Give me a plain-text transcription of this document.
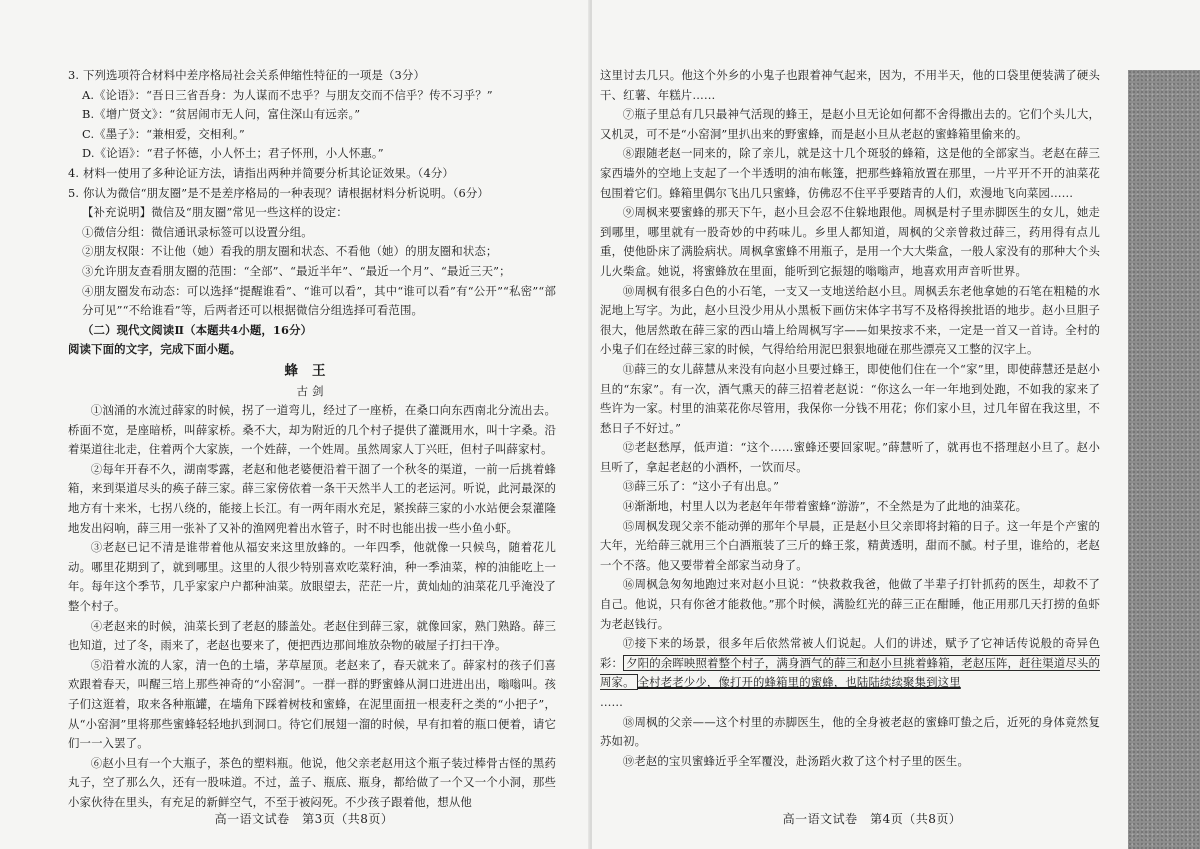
3. 下列选项符合材料中差序格局社会关系伸缩性特征的一项是（3分）

A.《论语》：“吾日三省吾身：为人谋而不忠乎？与朋友交而不信乎？传不习乎？”

B.《增广贤文》：“贫居闹市无人问，富住深山有远亲。”

C.《墨子》：“兼相爱，交相利。”

D.《论语》：“君子怀德，小人怀土；君子怀刑，小人怀惠。”

4. 材料一使用了多种论证方法，请指出两种并简要分析其论证效果。（4分）

5. 你认为微信“朋友圈”是不是差序格局的一种表现？请根据材料分析说明。（6分）

【补充说明】微信及“朋友圈”常见一些这样的设定：

①微信分组：微信通讯录标签可以设置分组。

②朋友权限：不让他（她）看我的朋友圈和状态、不看他（她）的朋友圈和状态；

③允许朋友查看朋友圈的范围：“全部”、“最近半年”、“最近一个月”、“最近三天”；

④朋友圈发布动态：可以选择“提醒谁看”、“谁可以看”，其中“谁可以看”有“公开”“私密”“部分可见”“不给谁看”等，后两者还可以根据微信分组选择可看范围。

（二）现代文阅读Ⅱ（本题共4小题，16分）

阅读下面的文字，完成下面小题。

蜂王

古剑

①汹涌的水流过薛家的时候，拐了一道弯儿，经过了一座桥，在桑口向东西南北分流出去。桥面不宽，是座暗桥，叫薛家桥。桑不大，却为附近的几个村子提供了灌溉用水，叫十字桑。沿着渠道往北走，住着两个大家族，一个姓薛，一个姓周。虽然周家人丁兴旺，但村子叫薛家村。

②每年开春不久，湖南零露，老赵和他老婆便沿着干涸了一个秋冬的渠道，一前一后挑着蜂箱，来到渠道尽头的痪子薛三家。薛三家傍依着一条干天然半人工的老运河。听说，此河最深的地方有十来米，七拐八绕的，能接上长江。有一两年雨水充足，紧挨薛三家的小水站便会泵灌隆地发出闷响，薛三用一张补了又补的渔网兜着出水管子，时不时也能出拔一些小鱼小虾。

③老赵已记不清是谁带着他从福安来这里放蜂的。一年四季，他就像一只候鸟，随着花儿动。哪里花期到了，就到哪里。这里的人很少特别喜欢吃菜籽油，种一季油菜，榨的油能吃上一年。每年这个季节，几乎家家户户都种油菜。放眼望去，茫茫一片，黄灿灿的油菜花几乎淹没了整个村子。

④老赵来的时候，油菜长到了老赵的膝盖处。老赵住到薛三家，就像回家，熟门熟路。薛三也知道，过了冬，雨来了，老赵也要来了，便把西边那间堆放杂物的破屋子打扫干净。

⑤沿着水流的人家，清一色的土墙，茅草屋顶。老赵来了，春天就来了。薛家村的孩子们喜欢跟着春天，叫醒三培上那些神奇的“小窑洞”。一群一群的野蜜蜂从洞口进进出出，嗡嗡叫。孩子们这逛着，取来各种瓶罐，在墙角下踩着树枝和蜜蜂，在泥里面扭一根麦秆之类的“小把子”，从“小窑洞”里将那些蜜蜂轻轻地扒到洞口。待它们展翅一溜的时候，早有扣着的瓶口便着，请它们一一入罢了。

⑥赵小旦有一个大瓶子，茶色的塑料瓶。他说，他父亲老赵用这个瓶子装过棒骨古怪的黑药丸子，空了那么久，还有一股味道。不过，盖子、瓶底、瓶身，都给做了一个又一个小洞，那些小家伙待在里头，有充足的新鲜空气，不至于被闷死。不少孩子跟着他，想从他

高一语文试卷　第3页（共8页）

这里讨去几只。他这个外乡的小鬼子也跟着神气起来，因为，不用半天，他的口袋里便装满了硬头干、红薯、年糕片……

⑦瓶子里总有几只最神气活现的蜂王，是赵小旦无论如何都不舍得撒出去的。它们个头儿大，又机灵，可不是“小窑洞”里扒出来的野蜜蜂，而是赵小旦从老赵的蜜蜂箱里偷来的。

⑧跟随老赵一同来的，除了亲儿，就是这十几个斑驳的蜂箱，这是他的全部家当。老赵在薛三家西墙外的空地上支起了一个半透明的油布帐篷，把那些蜂箱放置在那里，一片平开不开的油菜花包围着它们。蜂箱里偶尔飞出几只蜜蜂，仿佛忍不住平乎要踏青的人们，欢漫地飞向菜园……

⑨周枫来要蜜蜂的那天下午，赵小旦会忍不住躲地跟他。周枫是村子里赤脚医生的女儿，她走到哪里，哪里就有一股奇妙的中药味儿。乡里人都知道，周枫的父亲曾救过薛三，药用得有点儿重，使他卧床了满脸病状。周枫拿蜜蜂不用瓶子，是用一个大大柴盒，一般人家没有的那种大个头儿火柴盒。她说，将蜜蜂放在里面，能听到它振翅的嗡嗡声，地喜欢用声音听世界。

⑩周枫有很多白色的小石笔，一支又一支地送给赵小旦。周枫丢东老他拿她的石笔在粗糙的水泥地上写字。为此，赵小旦没少用从小黑板下画仿宋体字书写不及格得挨批语的地步。赵小旦胆子很大，他居然敢在薛三家的西山墙上给周枫写字——如果按求不来，一定是一首又一首诗。全村的小鬼子们在经过薛三家的时候，气得给给用泥巴狠狠地碰在那些漂亮又工整的汉字上。

⑪薛三的女儿薛慧从来没有向赵小旦要过蜂王，即使他们住在一个“家”里，即使薛慧还是赵小旦的“东家”。有一次，酒气熏天的薛三招着老赵说：“你这么一年一年地到处跑，不如我的家来了些许为一家。村里的油菜花你尽管用，我保你一分钱不用花；你们家小旦，过几年留在我这里，不愁日子不好过。”

⑫老赵愁厚，低声道：“这个……蜜蜂还要回家呢。”薛慧听了，就再也不搭理赵小旦了。赵小旦听了，拿起老赵的小酒杯，一饮而尽。

⑬薛三乐了：“这小子有出息。”

⑭渐渐地，村里人以为老赵年年带着蜜蜂“游游”，不全然是为了此地的油菜花。

⑮周枫发现父亲不能动弹的那年个早晨，正是赵小旦父亲即将封箱的日子。这一年是个产蜜的大年，光给薛三就用三个白酒瓶装了三斤的蜂王浆，精黄透明，甜而不腻。村子里，谁给的，老赵一个不落。他又要带着全部家当动身了。

⑯周枫急匆匆地跑过来对赵小旦说：“快救救我爸，他做了半辈子打针抓药的医生，却救不了自己。他说，只有你爸才能救他。”那个时候，满脸红光的薛三正在酣睡，他正用那几天打捞的鱼虾为老赵钱行。

⑰接下来的场景，很多年后依然常被人们说起。人们的讲述，赋予了它神话传说般的奇异色彩： 夕阳的余晖映照着整个村子，满身酒气的薛三和赵小旦挑着蜂箱，老赵压阵，赶往渠道尽头的周家。 全村老老少少，像打开的蜂箱里的蜜蜂，也陆陆续续聚集到这里

……

⑱周枫的父亲——这个村里的赤脚医生，他的全身被老赵的蜜蜂叮蛰之后，近死的身体竟然复苏如初。

⑲老赵的宝贝蜜蜂近乎全军覆没，赴汤蹈火救了这个村子里的医生。

高一语文试卷　第4页（共8页）
